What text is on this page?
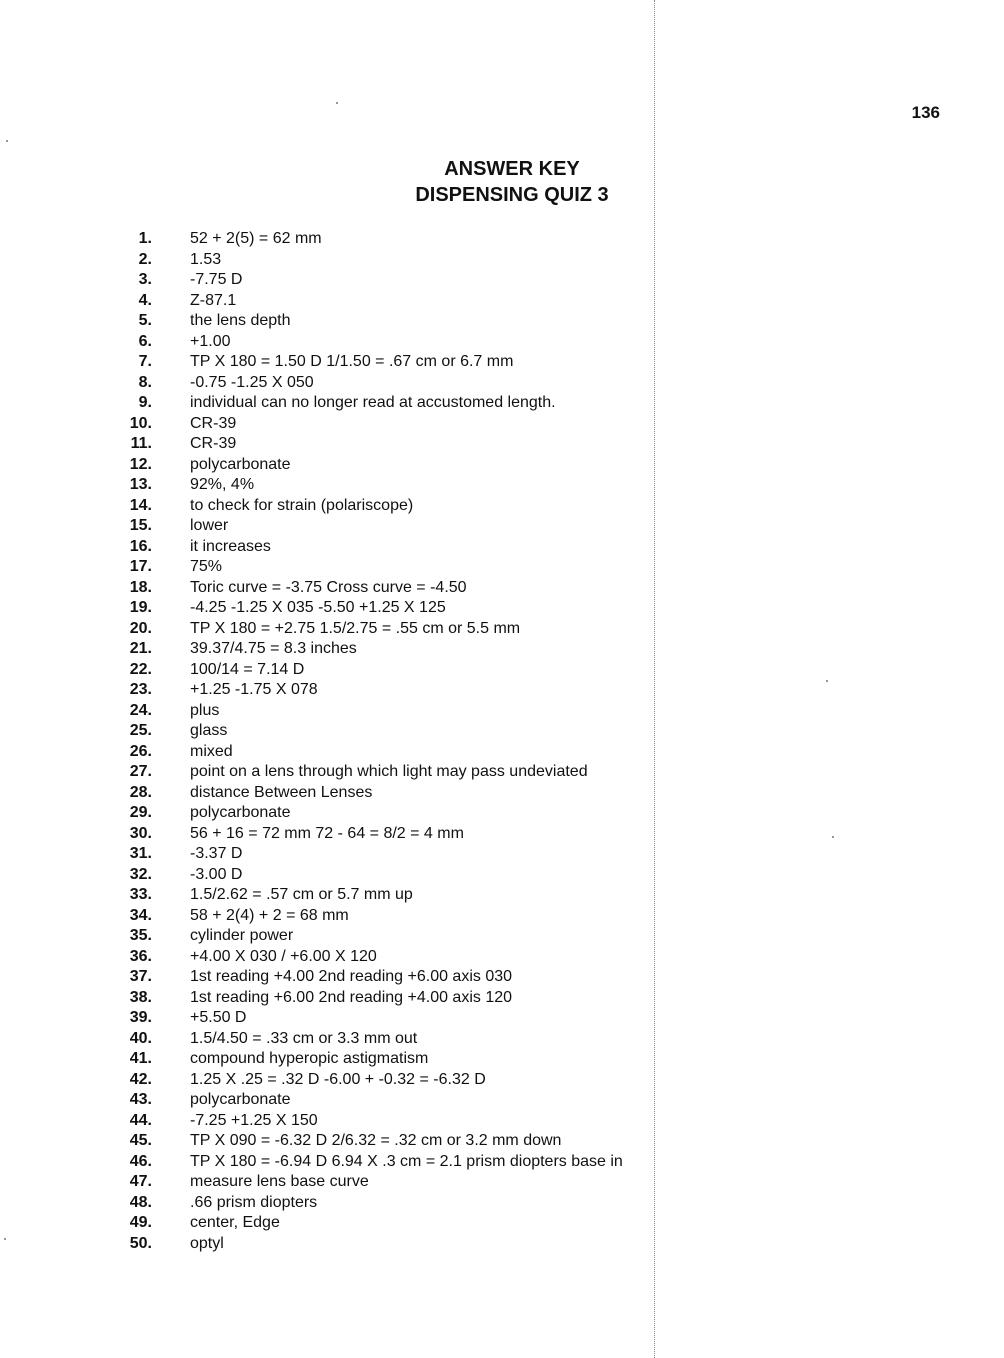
136
ANSWER KEY
DISPENSING QUIZ 3
1. 52 + 2(5) = 62 mm
2. 1.53
3. -7.75 D
4. Z-87.1
5. the lens depth
6. +1.00
7. TP X 180 = 1.50 D 1/1.50 = .67 cm or 6.7 mm
8. -0.75 -1.25 X 050
9. individual can no longer read at accustomed length.
10. CR-39
11. CR-39
12. polycarbonate
13. 92%, 4%
14. to check for strain (polariscope)
15. lower
16. it increases
17. 75%
18. Toric curve = -3.75 Cross curve = -4.50
19. -4.25 -1.25 X 035 -5.50 +1.25 X 125
20. TP X 180 = +2.75 1.5/2.75 = .55 cm or 5.5 mm
21. 39.37/4.75 = 8.3 inches
22. 100/14 = 7.14 D
23. +1.25 -1.75 X 078
24. plus
25. glass
26. mixed
27. point on a lens through which light may pass undeviated
28. distance Between Lenses
29. polycarbonate
30. 56 + 16 = 72 mm 72 - 64 = 8/2 = 4 mm
31. -3.37 D
32. -3.00 D
33. 1.5/2.62 = .57 cm or 5.7 mm up
34. 58 + 2(4) + 2 = 68 mm
35. cylinder power
36. +4.00 X 030 / +6.00 X 120
37. 1st reading +4.00 2nd reading +6.00 axis 030
38. 1st reading +6.00 2nd reading +4.00 axis 120
39. +5.50 D
40. 1.5/4.50 = .33 cm or 3.3 mm out
41. compound hyperopic astigmatism
42. 1.25 X .25 = .32 D -6.00 + -0.32 = -6.32 D
43. polycarbonate
44. -7.25 +1.25 X 150
45. TP X 090 = -6.32 D 2/6.32 = .32 cm or 3.2 mm down
46. TP X 180 = -6.94 D 6.94 X .3 cm = 2.1 prism diopters base in
47. measure lens base curve
48. .66 prism diopters
49. center, Edge
50. optyl
